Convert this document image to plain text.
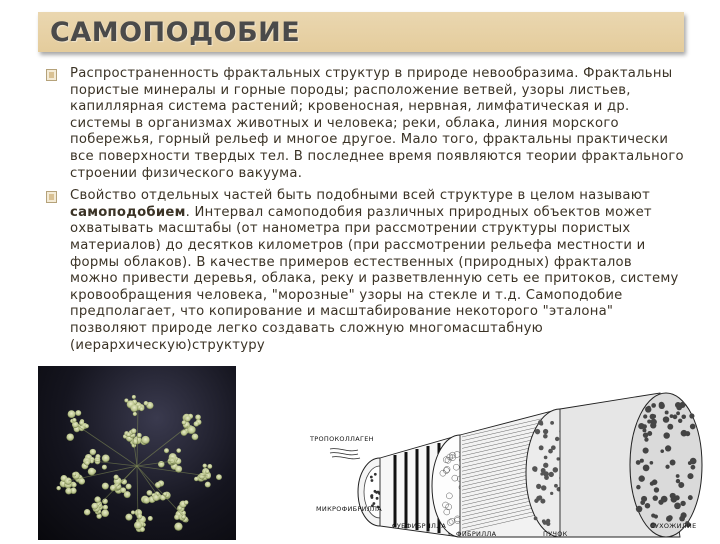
САМОПОДОБИЕ
Распространенность фрактальных структур в природе невообразима. Фрактальны пористые минералы и горные породы; расположение ветвей, узоры листьев, капиллярная система растений; кровеносная, нервная, лимфатическая и др. системы в организмах животных и человека; реки, облака, линия морского побережья, горный рельеф и многое другое. Мало того, фрактальны практически все поверхности твердых тел. В последнее время появляются теории фрактального строении физического вакуума.
Свойство отдельных частей быть подобными всей структуре в целом называют самоподобием. Интервал самоподобия различных природных объектов может охватывать масштабы (от нанометра при рассмотрении структуры пористых материалов) до десятков километров (при рассмотрении рельефа местности и формы облаков). В качестве примеров естественных (природных) фракталов можно привести деревья, облака, реку и разветвленную сеть ее притоков, систему кровообращения человека, "морозные" узоры на стекле и т.д. Самоподобие предполагает, что копирование и масштабирование некоторого "эталона" позволяют природе легко создавать сложную многомасштабную (иерархическую)структуру
ТРОПОКОЛЛАГЕН
МИКРОФИБРИЛЛА
СУБФИБРИЛЛА
ФИБРИЛЛА	ПУЧОК
СУХОЖИЛИЕ
